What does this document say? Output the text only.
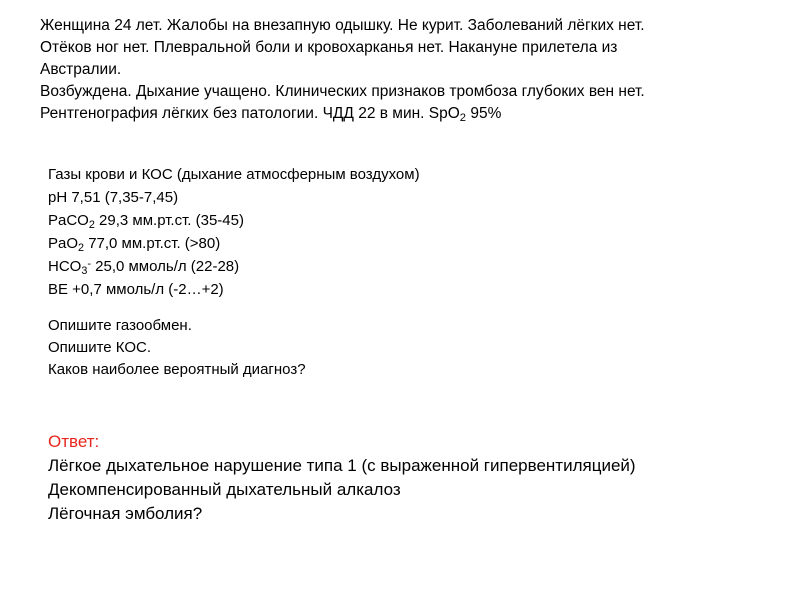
Женщина 24 лет. Жалобы на внезапную одышку. Не курит. Заболеваний лёгких нет.
Отёков ног нет. Плевральной боли и кровохарканья нет. Накануне прилетела из
Австралии.
Возбуждена. Дыхание учащено. Клинических признаков тромбоза глубоких вен нет.
Рентгенография лёгких без патологии. ЧДД 22 в мин. SpO$_2$ 95%
Газы крови и КОС (дыхание атмосферным воздухом)
pH 7,51 (7,35-7,45)
PaCO$_2$ 29,3 мм.рт.ст. (35-45)
PaO$_2$ 77,0 мм.рт.ст. (>80)
$HCO_3^-$ 25,0 ммоль/л (22-28)
BE +0,7 ммоль/л (-2…+2)
Опишите газообмен.
Опишите КОС.
Каков наиболее вероятный диагноз?
Ответ:
Лёгкое дыхательное нарушение типа 1 (с выраженной гипервентиляцией)
Декомпенсированный дыхательный алкалоз
Лёгочная эмболия?
